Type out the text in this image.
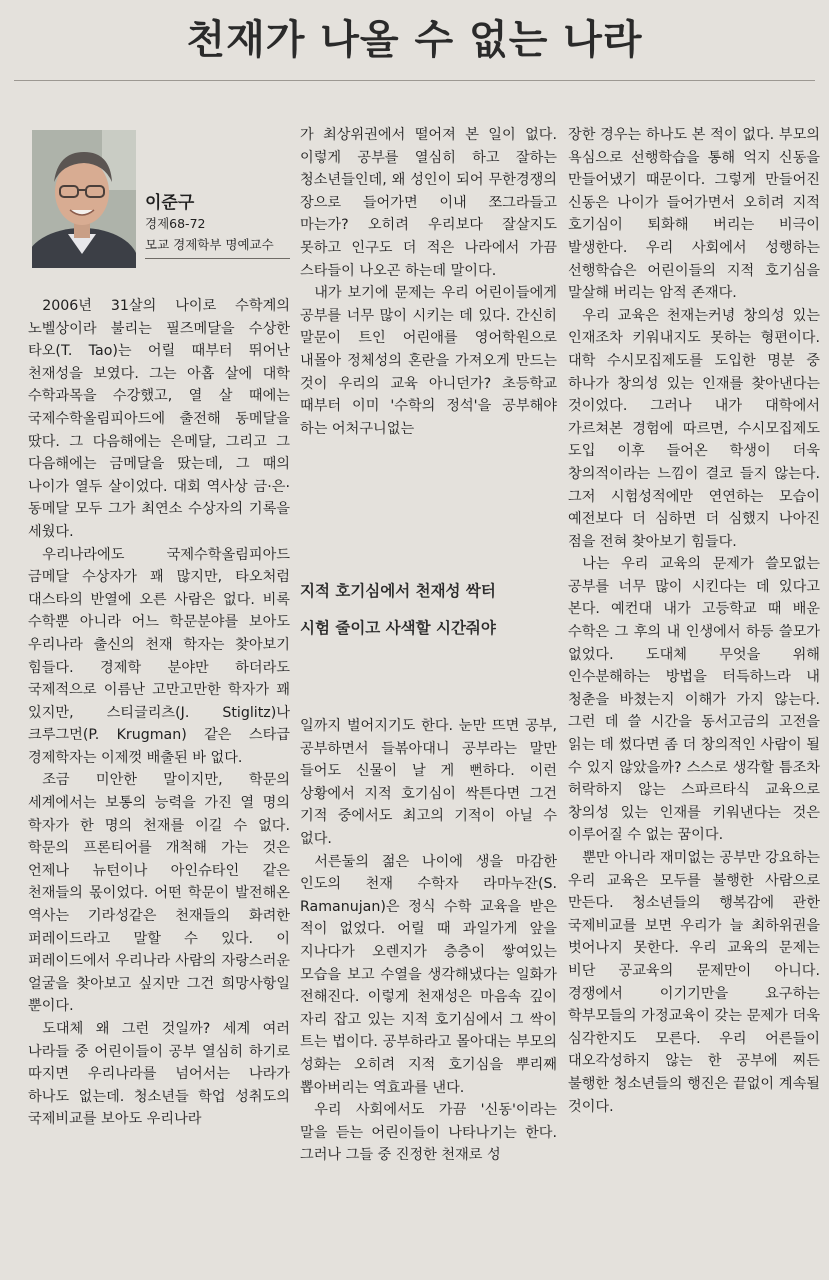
천재가 나올 수 없는 나라
이준구
경제68-72
모교 경제학부 명예교수

2006년 31살의 나이로 수학계의 노벨상이라 불리는 필즈메달을 수상한 타오(T. Tao)는 어릴 때부터 뛰어난 천재성을 보였다. 그는 아홉 살에 대학 수학과목을 수강했고, 열 살 때에는 국제수학올림피아드에 출전해 동메달을 땄다. 그 다음해에는 은메달, 그리고 그 다음해에는 금메달을 땄는데, 그 때의 나이가 열두 살이었다. 대회 역사상 금·은·동메달 모두 그가 최연소 수상자의 기록을 세웠다.

우리나라에도 국제수학올림피아드 금메달 수상자가 꽤 많지만, 타오처럼 대스타의 반열에 오른 사람은 없다. 비록 수학뿐 아니라 어느 학문분야를 보아도 우리나라 출신의 천재 학자는 찾아보기 힘들다. 경제학 분야만 하더라도 국제적으로 이름난 고만고만한 학자가 꽤 있지만, 스티글리츠(J. Stiglitz)나 크루그먼(P. Krugman) 같은 스타급 경제학자는 이제껏 배출된 바 없다.

조금 미안한 말이지만, 학문의 세계에서는 보통의 능력을 가진 열 명의 학자가 한 명의 천재를 이길 수 없다. 학문의 프론티어를 개척해 가는 것은 언제나 뉴턴이나 아인슈타인 같은 천재들의 몫이었다. 어떤 학문이 발전해온 역사는 기라성같은 천재들의 화려한 퍼레이드라고 말할 수 있다. 이 퍼레이드에서 우리나라 사람의 자랑스러운 얼굴을 찾아보고 싶지만 그건 희망사항일 뿐이다.

도대체 왜 그런 것일까? 세계 여러 나라들 중 어린이들이 공부 열심히 하기로 따지면 우리나라를 넘어서는 나라가 하나도 없는데. 청소년들 학업 성취도의 국제비교를 보아도 우리나라

가 최상위권에서 떨어져 본 일이 없다. 이렇게 공부를 열심히 하고 잘하는 청소년들인데, 왜 성인이 되어 무한경쟁의 장으로 들어가면 이내 쪼그라들고 마는가? 오히려 우리보다 잘살지도 못하고 인구도 더 적은 나라에서 가끔 스타들이 나오곤 하는데 말이다.

내가 보기에 문제는 우리 어린이들에게 공부를 너무 많이 시키는 데 있다. 간신히 말문이 트인 어린애를 영어학원으로 내몰아 정체성의 혼란을 가져오게 만드는 것이 우리의 교육 아니던가? 초등학교 때부터 이미 '수학의 정석'을 공부해야 하는 어처구니없는

지적 호기심에서 천재성 싹터
시험 줄이고 사색할 시간줘야

일까지 벌어지기도 한다. 눈만 뜨면 공부, 공부하면서 들볶아대니 공부라는 말만 들어도 신물이 날 게 뻔하다. 이런 상황에서 지적 호기심이 싹튼다면 그건 기적 중에서도 최고의 기적이 아닐 수 없다.

서른둘의 젊은 나이에 생을 마감한 인도의 천재 수학자 라마누잔(S. Ramanujan)은 정식 수학 교육을 받은 적이 없었다. 어릴 때 과일가게 앞을 지나다가 오렌지가 층층이 쌓여있는 모습을 보고 수열을 생각해냈다는 일화가 전해진다. 이렇게 천재성은 마음속 깊이 자리 잡고 있는 지적 호기심에서 그 싹이 트는 법이다. 공부하라고 몰아대는 부모의 성화는 오히려 지적 호기심을 뿌리째 뽑아버리는 역효과를 낸다.

우리 사회에서도 가끔 '신동'이라는 말을 듣는 어린이들이 나타나기는 한다. 그러나 그들 중 진정한 천재로 성

장한 경우는 하나도 본 적이 없다. 부모의 욕심으로 선행학습을 통해 억지 신동을 만들어냈기 때문이다. 그렇게 만들어진 신동은 나이가 들어가면서 오히려 지적 호기심이 퇴화해 버리는 비극이 발생한다. 우리 사회에서 성행하는 선행학습은 어린이들의 지적 호기심을 말살해 버리는 암적 존재다.

우리 교육은 천재는커녕 창의성 있는 인재조차 키워내지도 못하는 형편이다. 대학 수시모집제도를 도입한 명분 중 하나가 창의성 있는 인재를 찾아낸다는 것이었다. 그러나 내가 대학에서 가르쳐본 경험에 따르면, 수시모집제도 도입 이후 들어온 학생이 더욱 창의적이라는 느낌이 결코 들지 않는다. 그저 시험성적에만 연연하는 모습이 예전보다 더 심하면 더 심했지 나아진 점을 전혀 찾아보기 힘들다.

나는 우리 교육의 문제가 쓸모없는 공부를 너무 많이 시킨다는 데 있다고 본다. 예컨대 내가 고등학교 때 배운 수학은 그 후의 내 인생에서 하등 쓸모가 없었다. 도대체 무엇을 위해 인수분해하는 방법을 터득하느라 내 청춘을 바쳤는지 이해가 가지 않는다. 그런 데 쓸 시간을 동서고금의 고전을 읽는 데 썼다면 좀 더 창의적인 사람이 될 수 있지 않았을까? 스스로 생각할 틈조차 허락하지 않는 스파르타식 교육으로 창의성 있는 인재를 키워낸다는 것은 이루어질 수 없는 꿈이다.

뿐만 아니라 재미없는 공부만 강요하는 우리 교육은 모두를 불행한 사람으로 만든다. 청소년들의 행복감에 관한 국제비교를 보면 우리가 늘 최하위권을 벗어나지 못한다. 우리 교육의 문제는 비단 공교육의 문제만이 아니다. 경쟁에서 이기기만을 요구하는 학부모들의 가정교육이 갖는 문제가 더욱 심각한지도 모른다. 우리 어른들이 대오각성하지 않는 한 공부에 찌든 불행한 청소년들의 행진은 끝없이 계속될 것이다.
